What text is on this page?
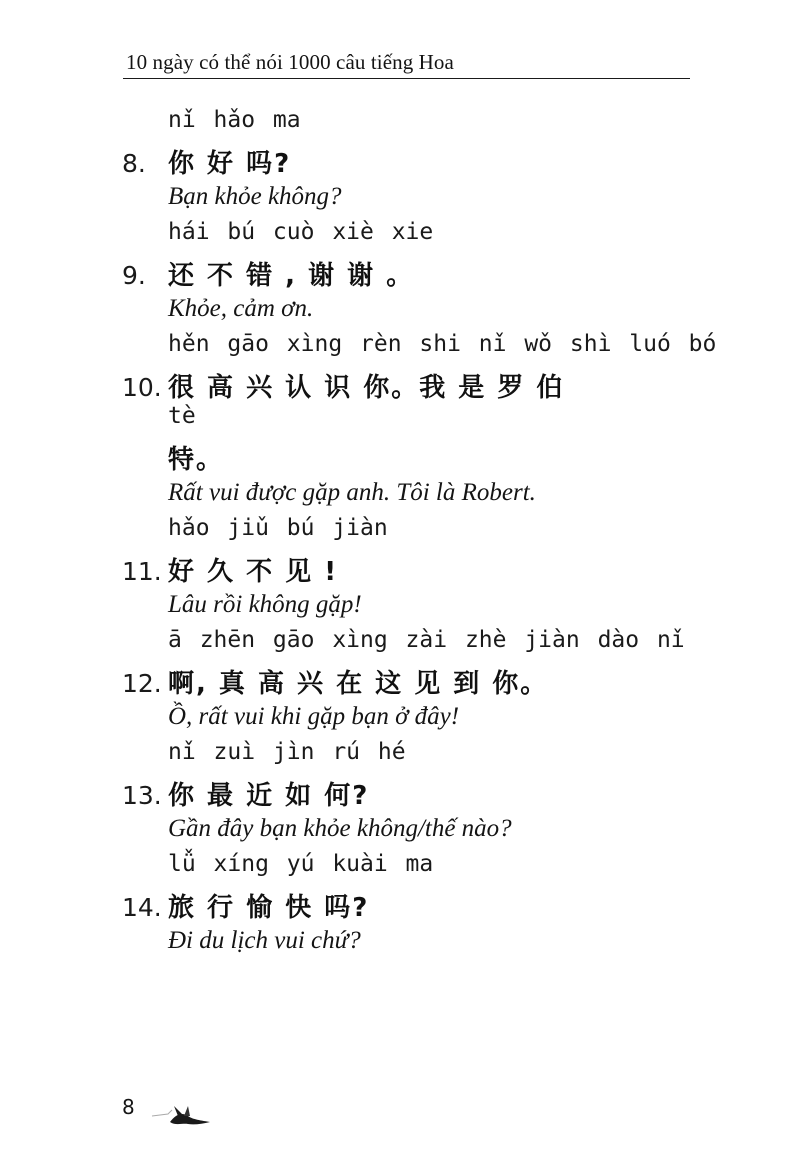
10 ngày có thể nói 1000 câu tiếng Hoa
nǐ hǎo ma
8. 你 好 吗?
Bạn khỏe không?
hái bú cuò xiè xie
9. 还 不 错 , 谢 谢 。
Khỏe, cảm ơn.
hěn gāo xìng rèn shi nǐ wǒ shì luó bó
10. 很 高 兴 认 识 你。我 是 罗 伯
tè
特。
Rất vui được gặp anh. Tôi là Robert.
hǎo jiǔ bú jiàn
11. 好 久 不 见 !
Lâu rồi không gặp!
ā zhēn gāo xìng zài zhè jiàn dào nǐ
12. 啊, 真 高 兴 在 这 见 到 你。
Ồ, rất vui khi gặp bạn ở đây!
nǐ zuì jìn rú hé
13. 你 最 近 如 何?
Gần đây bạn khỏe không/thế nào?
lǚ xíng yú kuài ma
14. 旅 行 愉 快 吗?
Đi du lịch vui chứ?
8
